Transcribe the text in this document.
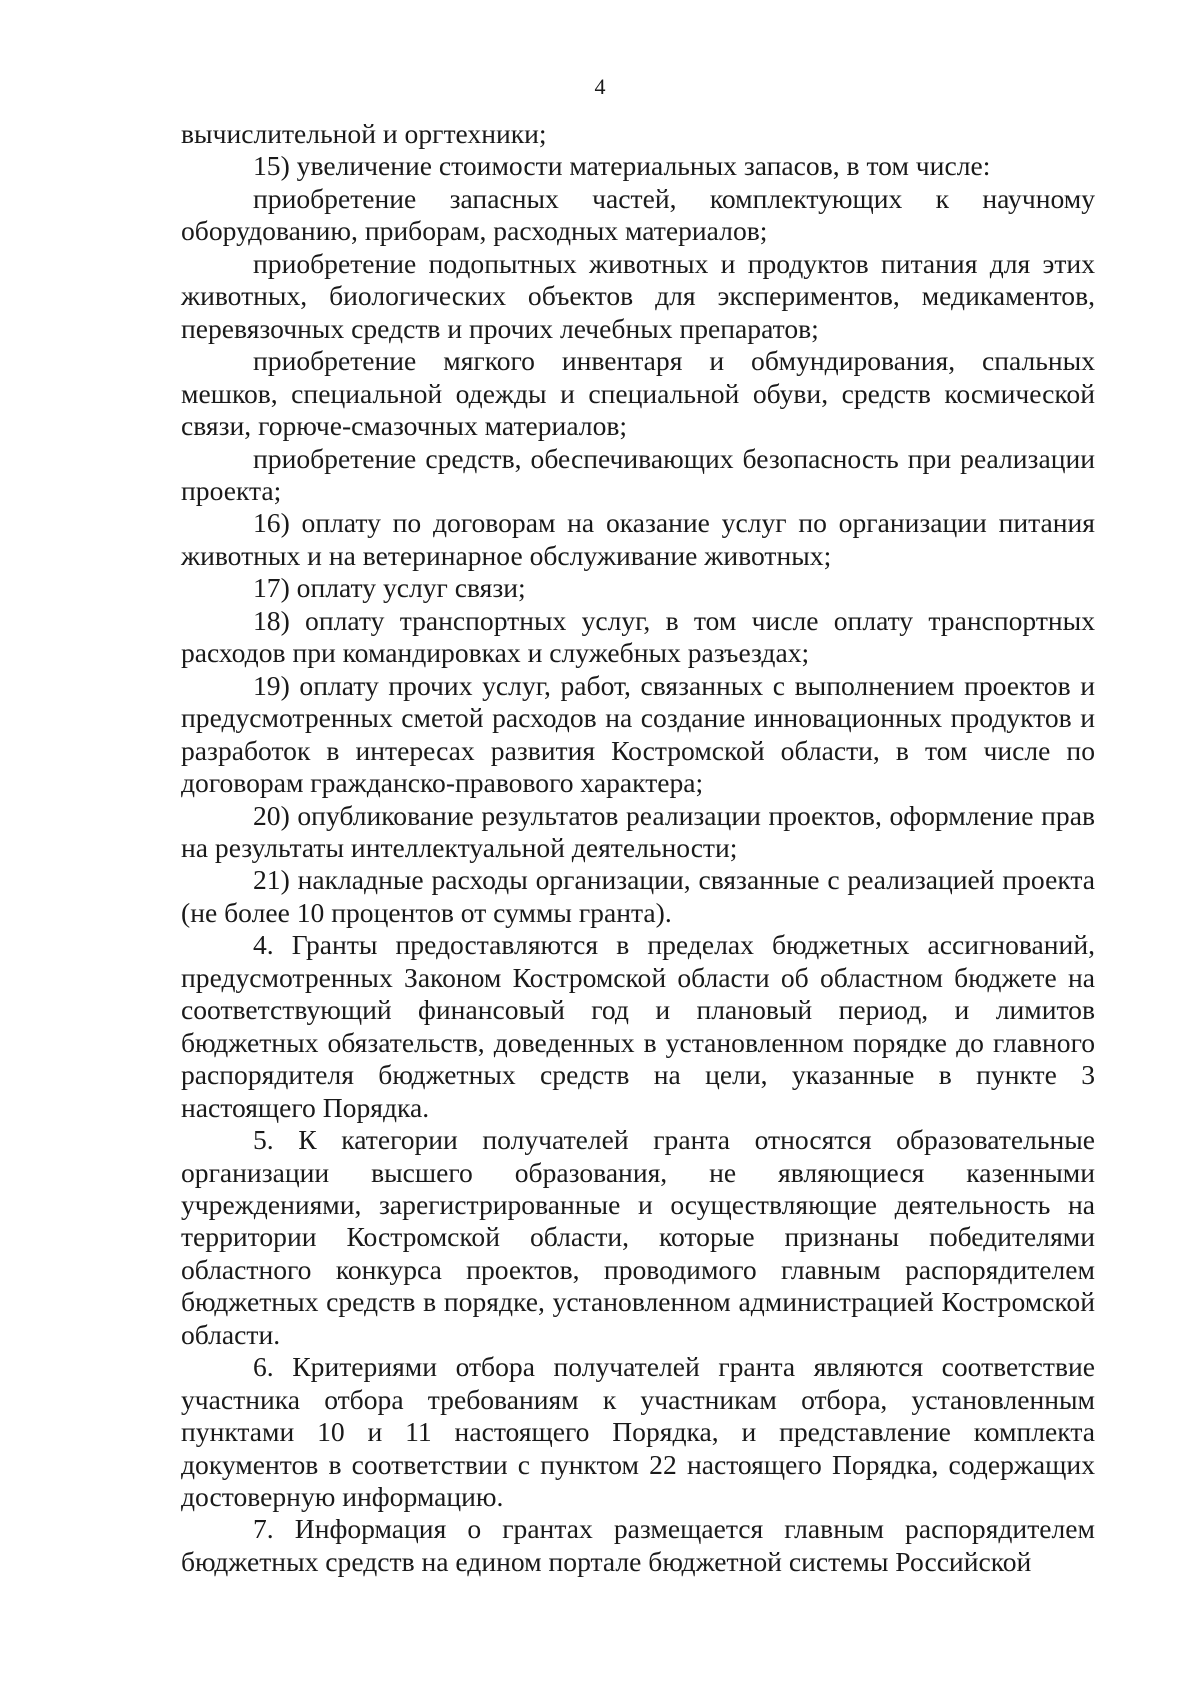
4

вычислительной и оргтехники;

15) увеличение стоимости материальных запасов, в том числе:

приобретение запасных частей, комплектующих к научному оборудованию, приборам, расходных материалов;

приобретение подопытных животных и продуктов питания для этих животных, биологических объектов для экспериментов, медикаментов, перевязочных средств и прочих лечебных препаратов;

приобретение мягкого инвентаря и обмундирования, спальных мешков, специальной одежды и специальной обуви, средств космической связи, горюче-смазочных материалов;

приобретение средств, обеспечивающих безопасность при реализации проекта;

16) оплату по договорам на оказание услуг по организации питания животных и на ветеринарное обслуживание животных;

17) оплату услуг связи;

18) оплату транспортных услуг, в том числе оплату транспортных расходов при командировках и служебных разъездах;

19) оплату прочих услуг, работ, связанных с выполнением проектов и предусмотренных сметой расходов на создание инновационных продуктов и разработок в интересах развития Костромской области, в том числе по договорам гражданско-правового характера;

20) опубликование результатов реализации проектов, оформление прав на результаты интеллектуальной деятельности;

21) накладные расходы организации, связанные с реализацией проекта (не более 10 процентов от суммы гранта).

4. Гранты предоставляются в пределах бюджетных ассигнований, предусмотренных Законом Костромской области об областном бюджете на соответствующий финансовый год и плановый период, и лимитов бюджетных обязательств, доведенных в установленном порядке до главного распорядителя бюджетных средств на цели, указанные в пункте 3 настоящего Порядка.

5. К категории получателей гранта относятся образовательные организации высшего образования, не являющиеся казенными учреждениями, зарегистрированные и осуществляющие деятельность на территории Костромской области, которые признаны победителями областного конкурса проектов, проводимого главным распорядителем бюджетных средств в порядке, установленном администрацией Костромской области.

6. Критериями отбора получателей гранта являются соответствие участника отбора требованиям к участникам отбора, установленным пунктами 10 и 11 настоящего Порядка, и представление комплекта документов в соответствии с пунктом 22 настоящего Порядка, содержащих достоверную информацию.

7. Информация о грантах размещается главным распорядителем бюджетных средств на едином портале бюджетной системы Российской
